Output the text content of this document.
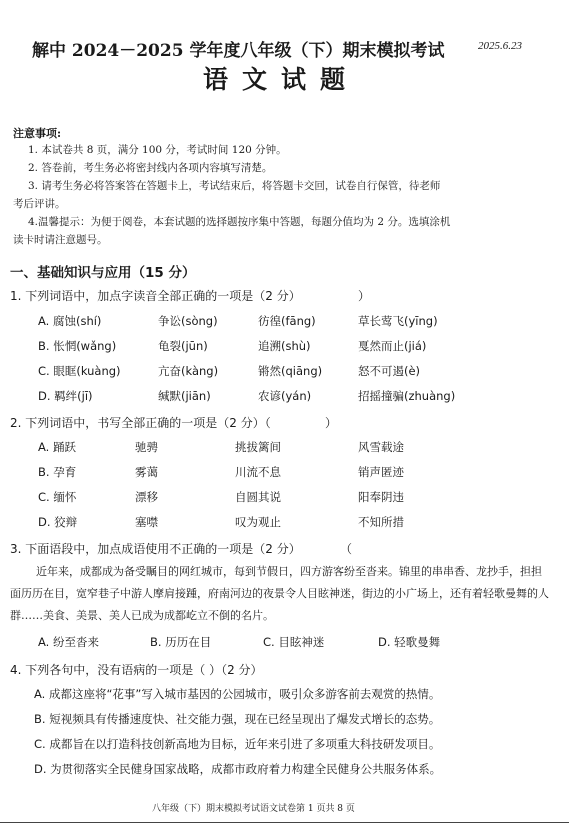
解中 2024－2025 学年度八年级（下）期末模拟考试	2025.6.23
语文试题
注意事项:
1. 本试卷共 8 页，满分 100 分，考试时间 120 分钟。
2. 答卷前，考生务必将密封线内各项内容填写清楚。
3. 请考生务必将答案答在答题卡上，考试结束后，将答题卡交回，试卷自行保管，待老师
考后评讲。
4.温馨提示：为便于阅卷，本套试题的选择题按序集中答题，每题分值均为 2 分。选填涂机
读卡时请注意题号。
一、基础知识与应用（15 分）
1. 下列词语中，加点字读音全部正确的一项是（2 分）	）
A. 腐蚀(shí)	争讼(sòng)	彷徨(fāng)	草长莺飞(yīng)
B. 怅惘(wǎng)	龟裂(jūn)	追溯(shù)	戛然而止(jiá)
C. 眼眶(kuàng)	亢奋(kàng)	锵然(qiāng)	怒不可遏(è)
D. 羁绊(jī)	缄默(jiān)	农谚(yán)	招摇撞骗(zhuàng)
2. 下列词语中，书写全部正确的一项是（2 分）（	）
A. 踊跃	驰骋	挑拔篱间	风雪载途
B. 孕育	雾蔼	川流不息	销声匿迹
C. 缅怀	漂移	自圆其说	阳奉阴违
D. 狡辩	塞噤	叹为观止	不知所措
3. 下面语段中，加点成语使用不正确的一项是（2 分）	（
近年来，成都成为备受瞩目的网红城市，每到节假日，四方游客纷至沓来。锦里的串串香、龙抄手，担担面历历在目，宽窄巷子中游人摩肩接踵，府南河边的夜景令人目眩神迷，街边的小广场上，还有着轻歌曼舞的人群……美食、美景、美人已成为成都屹立不倒的名片。
A. 纷至沓来	B. 历历在目	C. 目眩神迷	D. 轻歌曼舞
4. 下列各句中，没有语病的一项是（ ）（2 分）
A. 成都这座将“花事”写入城市基因的公园城市，吸引众多游客前去观赏的热情。
B. 短视频具有传播速度快、社交能力强，现在已经呈现出了爆发式增长的态势。
C. 成都旨在以打造科技创新高地为目标，近年来引进了多项重大科技研发项目。
D. 为贯彻落实全民健身国家战略，成都市政府着力构建全民健身公共服务体系。
八年级（下）期末模拟考试语文试卷第 1 页共 8 页
